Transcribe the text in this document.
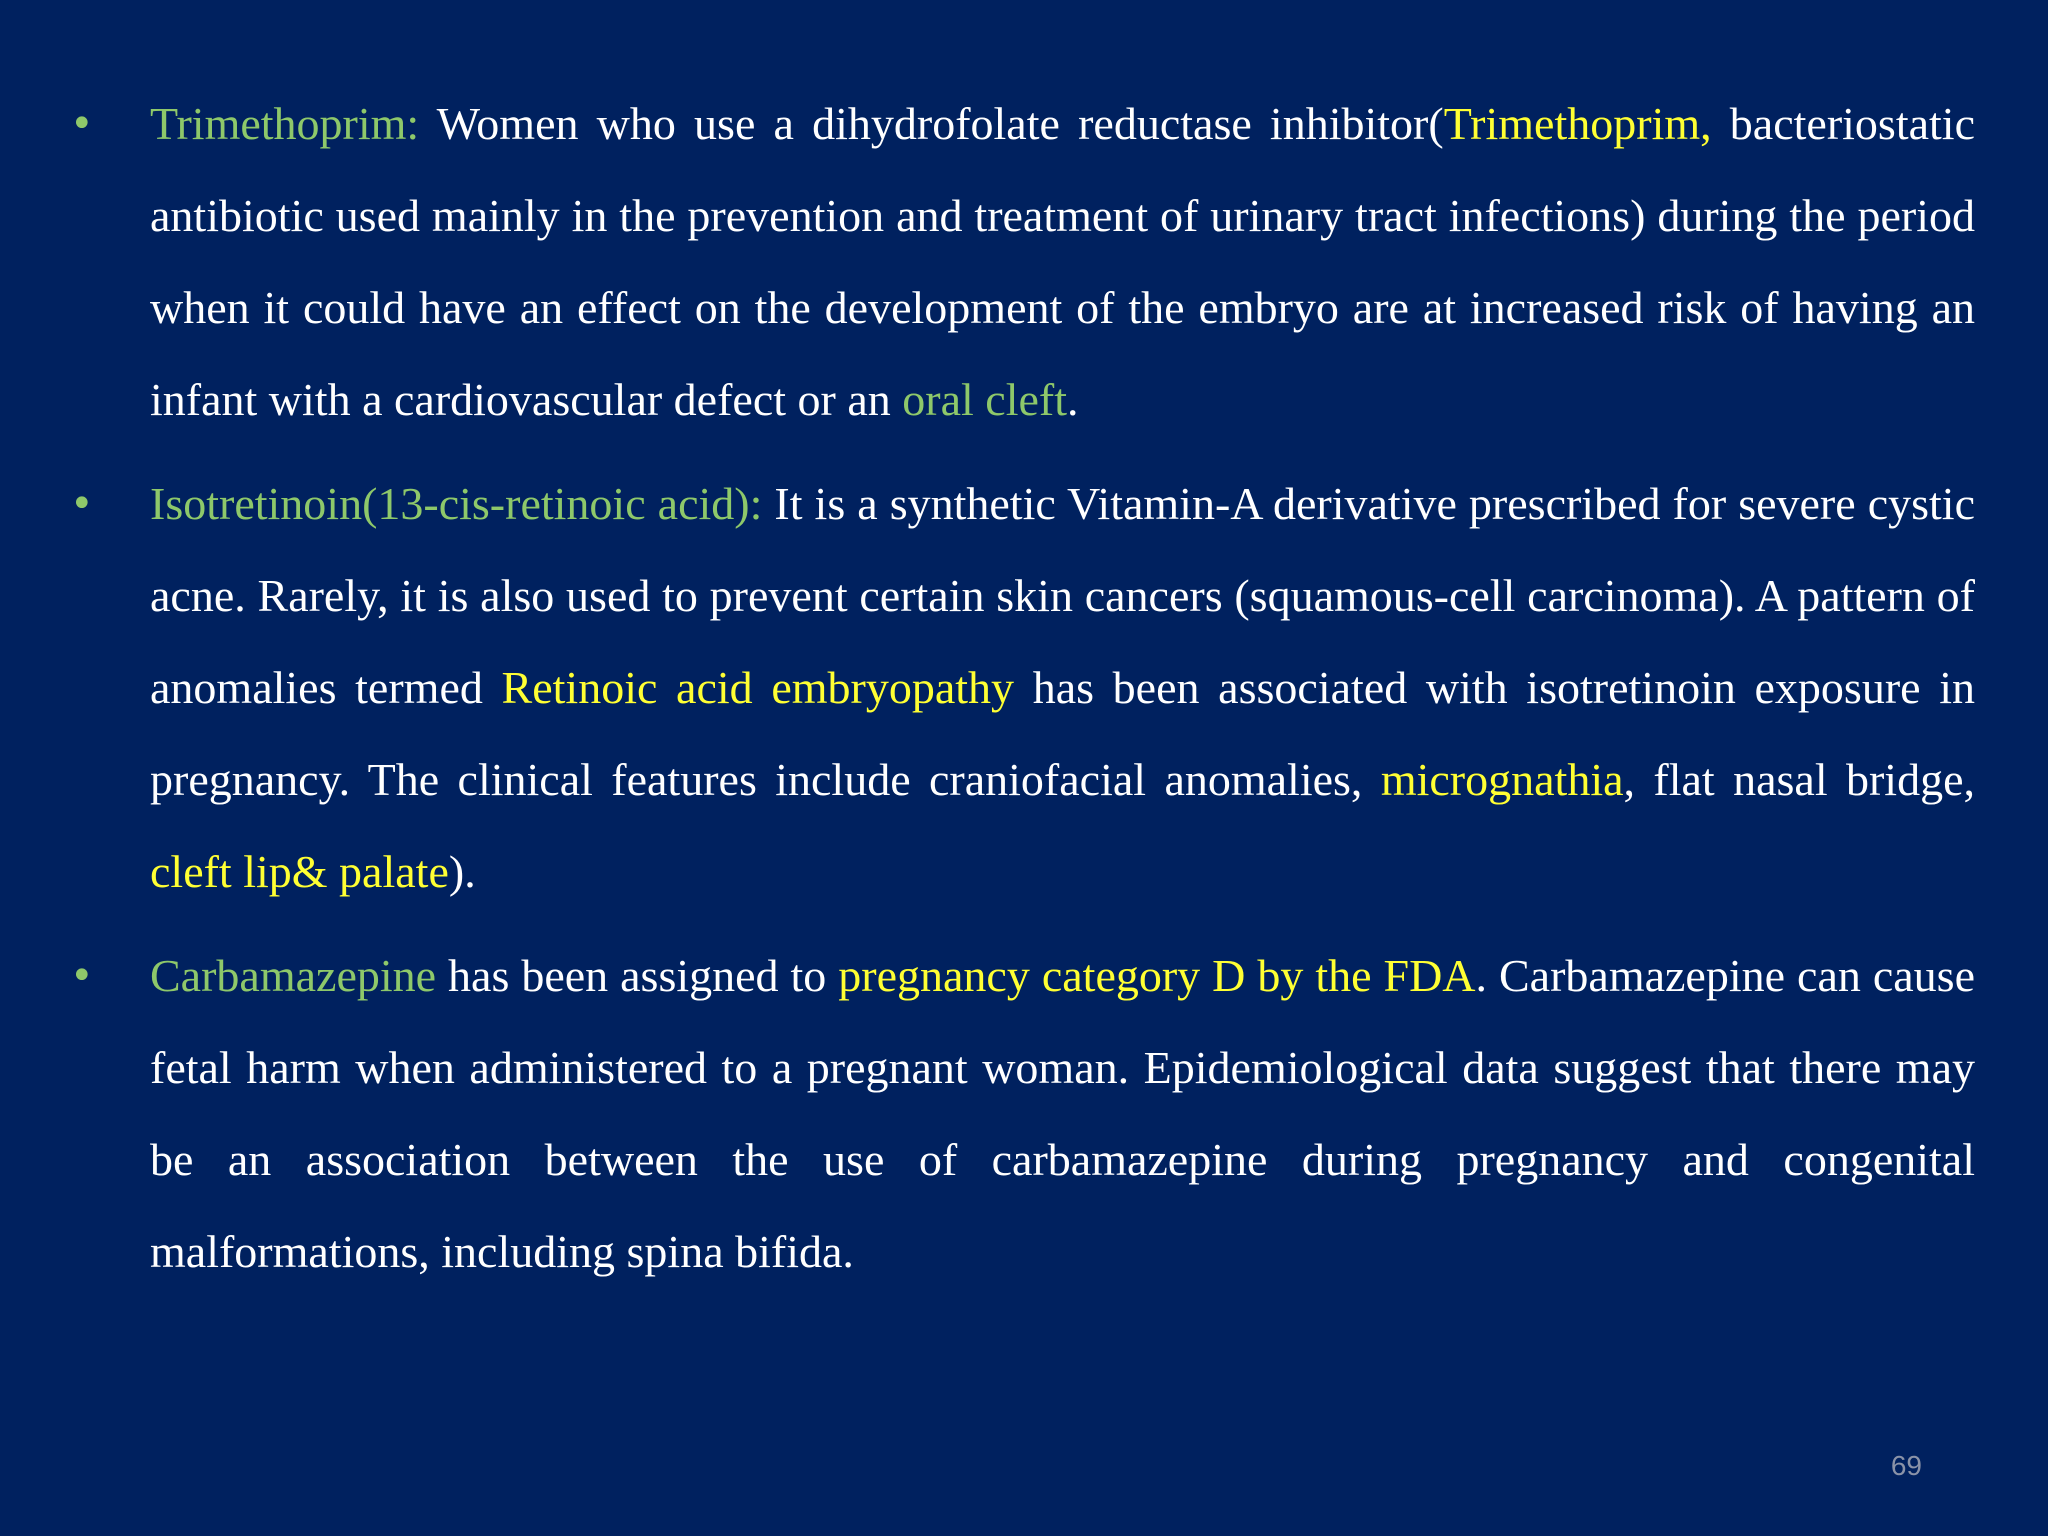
• Trimethoprim: Women who use a dihydrofolate reductase inhibitor(Trimethoprim, bacteriostatic antibiotic used mainly in the prevention and treatment of urinary tract infections) during the period when it could have an effect on the development of the embryo are at increased risk of having an infant with a cardiovascular defect or an oral cleft.
• Isotretinoin(13-cis-retinoic acid): It is a synthetic Vitamin-A derivative prescribed for severe cystic acne. Rarely, it is also used to prevent certain skin cancers (squamous-cell carcinoma). A pattern of anomalies termed Retinoic acid embryopathy has been associated with isotretinoin exposure in pregnancy. The clinical features include craniofacial anomalies, micrognathia, flat nasal bridge, cleft lip& palate).
• Carbamazepine has been assigned to pregnancy category D by the FDA. Carbamazepine can cause fetal harm when administered to a pregnant woman. Epidemiological data suggest that there may be an association between the use of carbamazepine during pregnancy and congenital malformations, including spina bifida.
69
